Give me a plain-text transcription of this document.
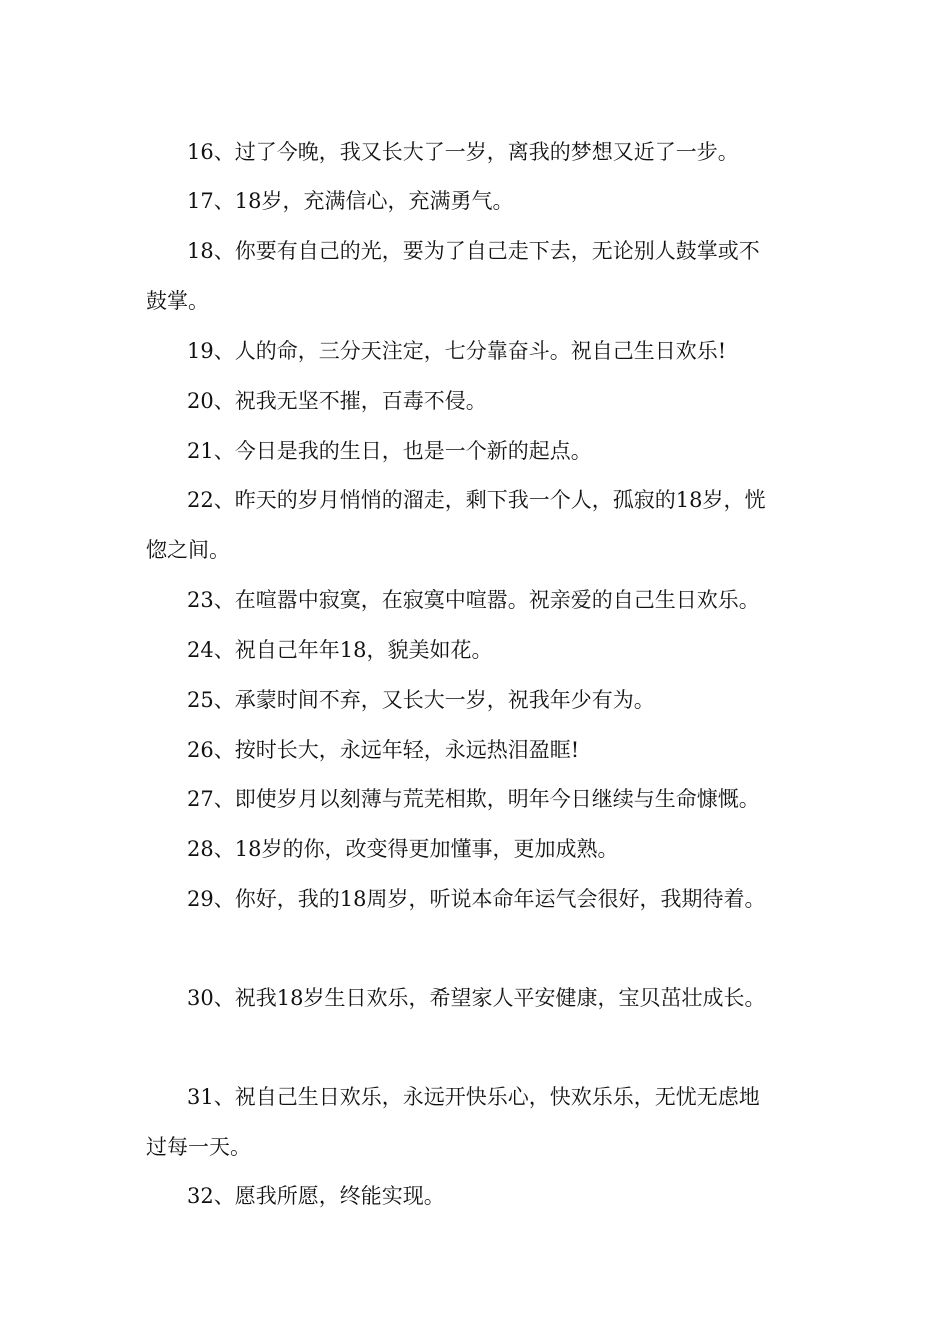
16、过了今晚，我又长大了一岁，离我的梦想又近了一步。
17、18岁，充满信心，充满勇气。
18、你要有自己的光，要为了自己走下去，无论别人鼓掌或不
鼓掌。
19、人的命，三分天注定，七分靠奋斗。祝自己生日欢乐!
20、祝我无坚不摧，百毒不侵。
21、今日是我的生日，也是一个新的起点。
22、昨天的岁月悄悄的溜走，剩下我一个人，孤寂的18岁，恍
惚之间。
23、在喧嚣中寂寞，在寂寞中喧嚣。祝亲爱的自己生日欢乐。
24、祝自己年年18，貌美如花。
25、承蒙时间不弃，又长大一岁，祝我年少有为。
26、按时长大，永远年轻，永远热泪盈眶!
27、即使岁月以刻薄与荒芜相欺，明年今日继续与生命慷慨。
28、18岁的你，改变得更加懂事，更加成熟。
29、你好，我的18周岁，听说本命年运气会很好，我期待着。
30、祝我18岁生日欢乐，希望家人平安健康，宝贝茁壮成长。
31、祝自己生日欢乐，永远开快乐心，快欢乐乐，无忧无虑地
过每一天。
32、愿我所愿，终能实现。
